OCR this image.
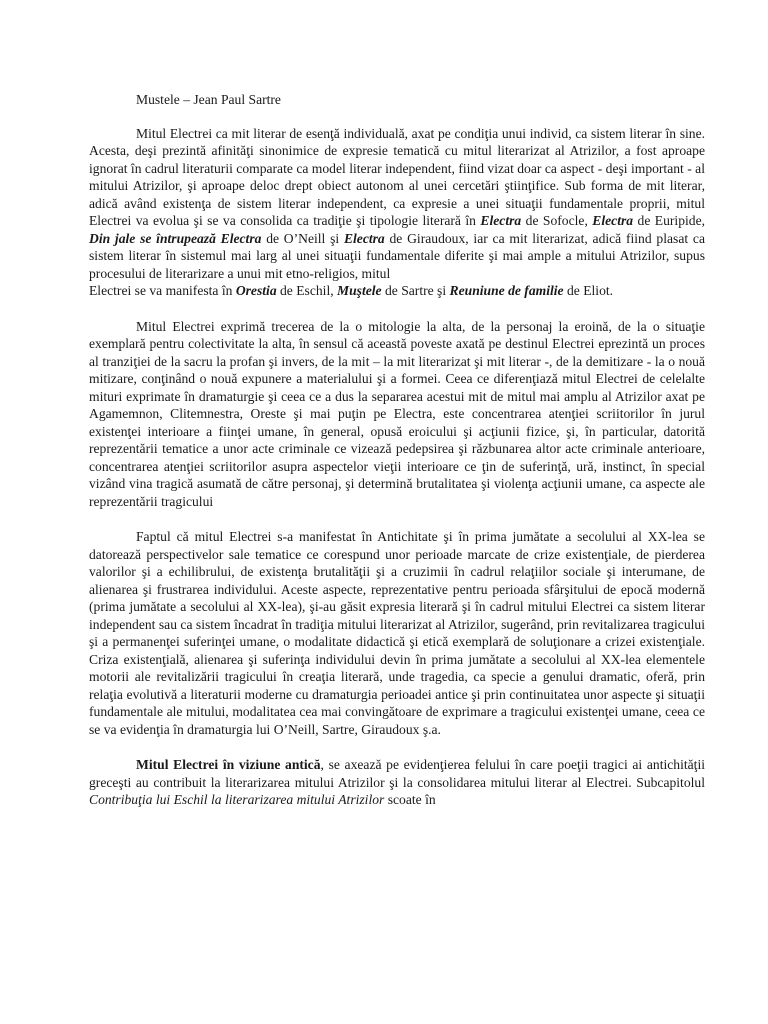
Mustele – Jean Paul Sartre

Mitul Electrei ca mit literar de esenţă individuală, axat pe condiţia unui individ, ca sistem literar în sine. Acesta, deşi prezintă afinităţi sinonimice de expresie tematică cu mitul literarizat al Atrizilor, a fost aproape ignorat în cadrul literaturii comparate ca model literar independent, fiind vizat doar ca aspect - deşi important - al mitului Atrizilor, şi aproape deloc drept obiect autonom al unei cercetări ştiinţifice. Sub forma de mit literar, adică având existenţa de sistem literar independent, ca expresie a unei situaţii fundamentale proprii, mitul Electrei va evolua şi se va consolida ca tradiţie şi tipologie literară în Electra de Sofocle, Electra de Euripide, Din jale se întrupează Electra de O’Neill şi Electra de Giraudoux, iar ca mit literarizat, adică fiind plasat ca sistem literar în sistemul mai larg al unei situaţii fundamentale diferite şi mai ample a mitului Atrizilor, supus procesului de literarizare a unui mit etno-religios, mitul

Electrei se va manifesta în Orestia de Eschil, Muştele de Sartre şi Reuniune de familie de Eliot.

Mitul Electrei exprimă trecerea de la o mitologie la alta, de la personaj la eroină, de la o situaţie exemplară pentru colectivitate la alta, în sensul că această poveste axată pe destinul Electrei eprezintă un proces al tranziţiei de la sacru la profan şi invers, de la mit – la mit literarizat şi mit literar -, de la demitizare - la o nouă mitizare, conţinând o nouă expunere a materialului şi a formei. Ceea ce diferenţiază mitul Electrei de celelalte mituri exprimate în dramaturgie şi ceea ce a dus la separarea acestui mit de mitul mai amplu al Atrizilor axat pe Agamemnon, Clitemnestra, Oreste şi mai puţin pe Electra, este concentrarea atenţiei scriitorilor în jurul existenţei interioare a fiinţei umane, în general, opusă eroicului şi acţiunii fizice, şi, în particular, datorită reprezentării tematice a unor acte criminale ce vizează pedepsirea şi răzbunarea altor acte criminale anterioare, concentrarea atenţiei scriitorilor asupra aspectelor vieţii interioare ce ţin de suferinţă, ură, instinct, în special vizând vina tragică asumată de către personaj, şi determină brutalitatea şi violenţa acţiunii umane, ca aspecte ale reprezentării tragicului

Faptul că mitul Electrei s-a manifestat în Antichitate şi în prima jumătate a secolului al XX-lea se datorează perspectivelor sale tematice ce corespund unor perioade marcate de crize existenţiale, de pierderea valorilor şi a echilibrului, de existenţa brutalităţii şi a cruzimii în cadrul relaţiilor sociale şi interumane, de alienarea şi frustrarea individului. Aceste aspecte, reprezentative pentru perioada sfârşitului de epocă modernă (prima jumătate a secolului al XX-lea), şi-au găsit expresia literară şi în cadrul mitului Electrei ca sistem literar independent sau ca sistem încadrat în tradiţia mitului literarizat al Atrizilor, sugerând, prin revitalizarea tragicului şi a permanenţei suferinţei umane, o modalitate didactică şi etică exemplară de soluţionare a crizei existenţiale. Criza existenţială, alienarea şi suferinţa individului devin în prima jumătate a secolului al XX-lea elementele motorii ale revitalizării tragicului în creaţia literară, unde tragedia, ca specie a genului dramatic, oferă, prin relaţia evolutivă a literaturii moderne cu dramaturgia perioadei antice şi prin continuitatea unor aspecte şi situaţii fundamentale ale mitului, modalitatea cea mai convingătoare de exprimare a tragicului existenţei umane, ceea ce se va evidenţia în dramaturgia lui O’Neill, Sartre, Giraudoux ş.a.

Mitul Electrei în viziune antică, se axează pe evidenţierea felului în care poeţii tragici ai antichităţii greceşti au contribuit la literarizarea mitului Atrizilor şi la consolidarea mitului literar al Electrei. Subcapitolul Contribuţia lui Eschil la literarizarea mitului Atrizilor scoate în
